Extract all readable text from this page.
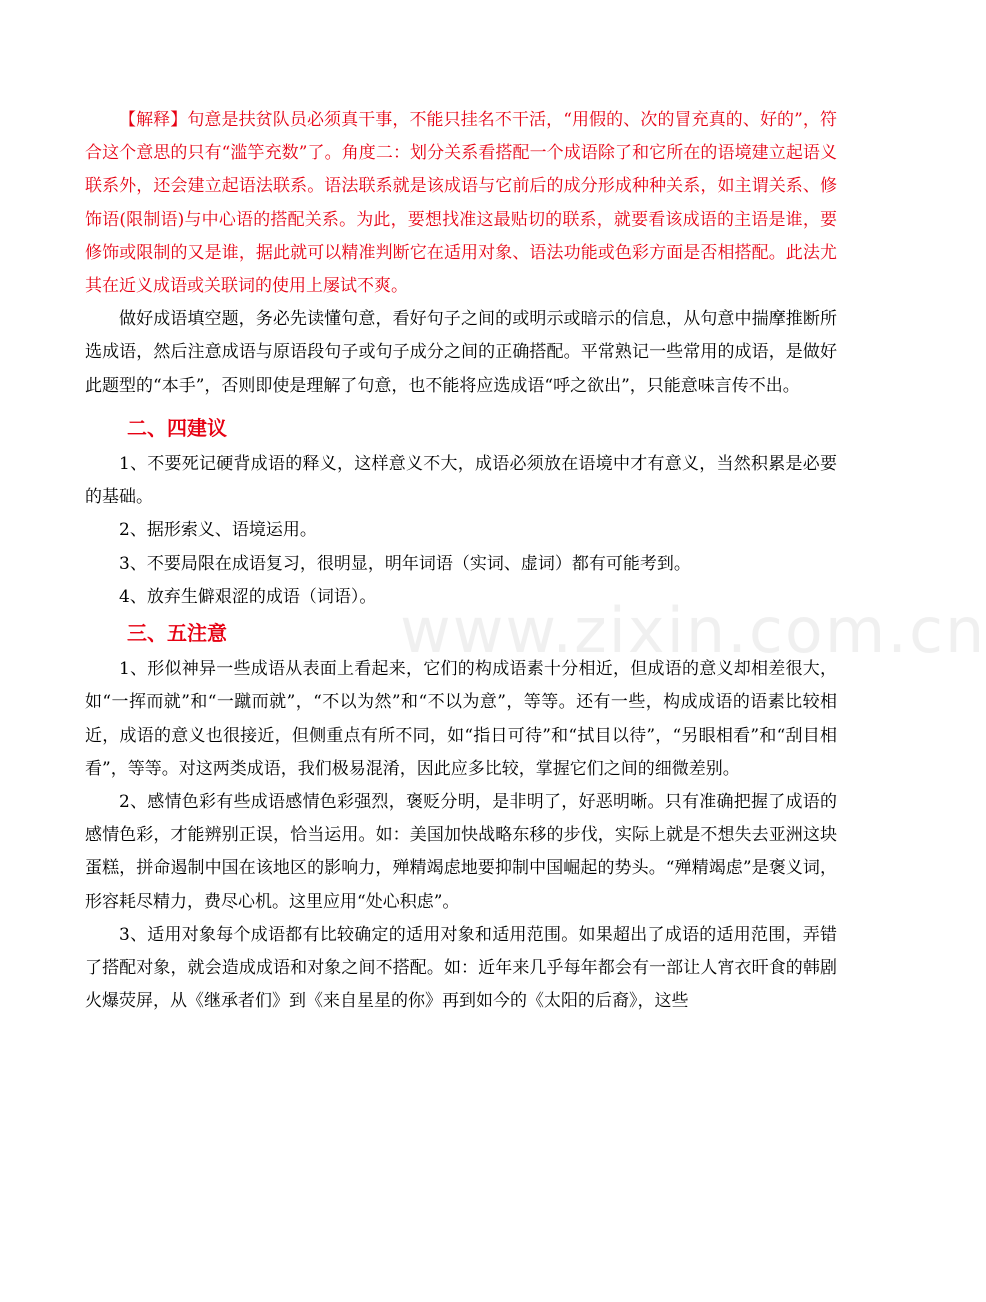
www.zixin.com.cn

【解释】句意是扶贫队员必须真干事，不能只挂名不干活，“用假的、次的冒充真的、好的”，符合这个意思的只有“滥竽充数”了。角度二：划分关系看搭配一个成语除了和它所在的语境建立起语义联系外，还会建立起语法联系。语法联系就是该成语与它前后的成分形成种种关系，如主谓关系、修饰语(限制语)与中心语的搭配关系。为此，要想找准这最贴切的联系，就要看该成语的主语是谁，要修饰或限制的又是谁，据此就可以精准判断它在适用对象、语法功能或色彩方面是否相搭配。此法尤其在近义成语或关联词的使用上屡试不爽。

做好成语填空题，务必先读懂句意，看好句子之间的或明示或暗示的信息，从句意中揣摩推断所选成语，然后注意成语与原语段句子或句子成分之间的正确搭配。平常熟记一些常用的成语，是做好此题型的“本手”，否则即使是理解了句意，也不能将应选成语“呼之欲出”，只能意味言传不出。

二、四建议

1、不要死记硬背成语的释义，这样意义不大，成语必须放在语境中才有意义，当然积累是必要的基础。

2、据形索义、语境运用。

3、不要局限在成语复习，很明显，明年词语（实词、虚词）都有可能考到。

4、放弃生僻艰涩的成语（词语）。

三、五注意

1、形似神异一些成语从表面上看起来，它们的构成语素十分相近，但成语的意义却相差很大，如“一挥而就”和“一蹴而就”，“不以为然”和“不以为意”，等等。还有一些，构成成语的语素比较相近，成语的意义也很接近，但侧重点有所不同，如“指日可待”和“拭目以待”，“另眼相看”和“刮目相看”，等等。对这两类成语，我们极易混淆，因此应多比较，掌握它们之间的细微差别。

2、感情色彩有些成语感情色彩强烈，褒贬分明，是非明了，好恶明晰。只有准确把握了成语的感情色彩，才能辨别正误，恰当运用。如：美国加快战略东移的步伐，实际上就是不想失去亚洲这块蛋糕，拼命遏制中国在该地区的影响力，殚精竭虑地要抑制中国崛起的势头。“殚精竭虑”是褒义词，形容耗尽精力，费尽心机。这里应用“处心积虑”。

3、适用对象每个成语都有比较确定的适用对象和适用范围。如果超出了成语的适用范围，弄错了搭配对象，就会造成成语和对象之间不搭配。如：近年来几乎每年都会有一部让人宵衣旰食的韩剧火爆荧屏，从《继承者们》到《来自星星的你》再到如今的《太阳的后裔》，这些
